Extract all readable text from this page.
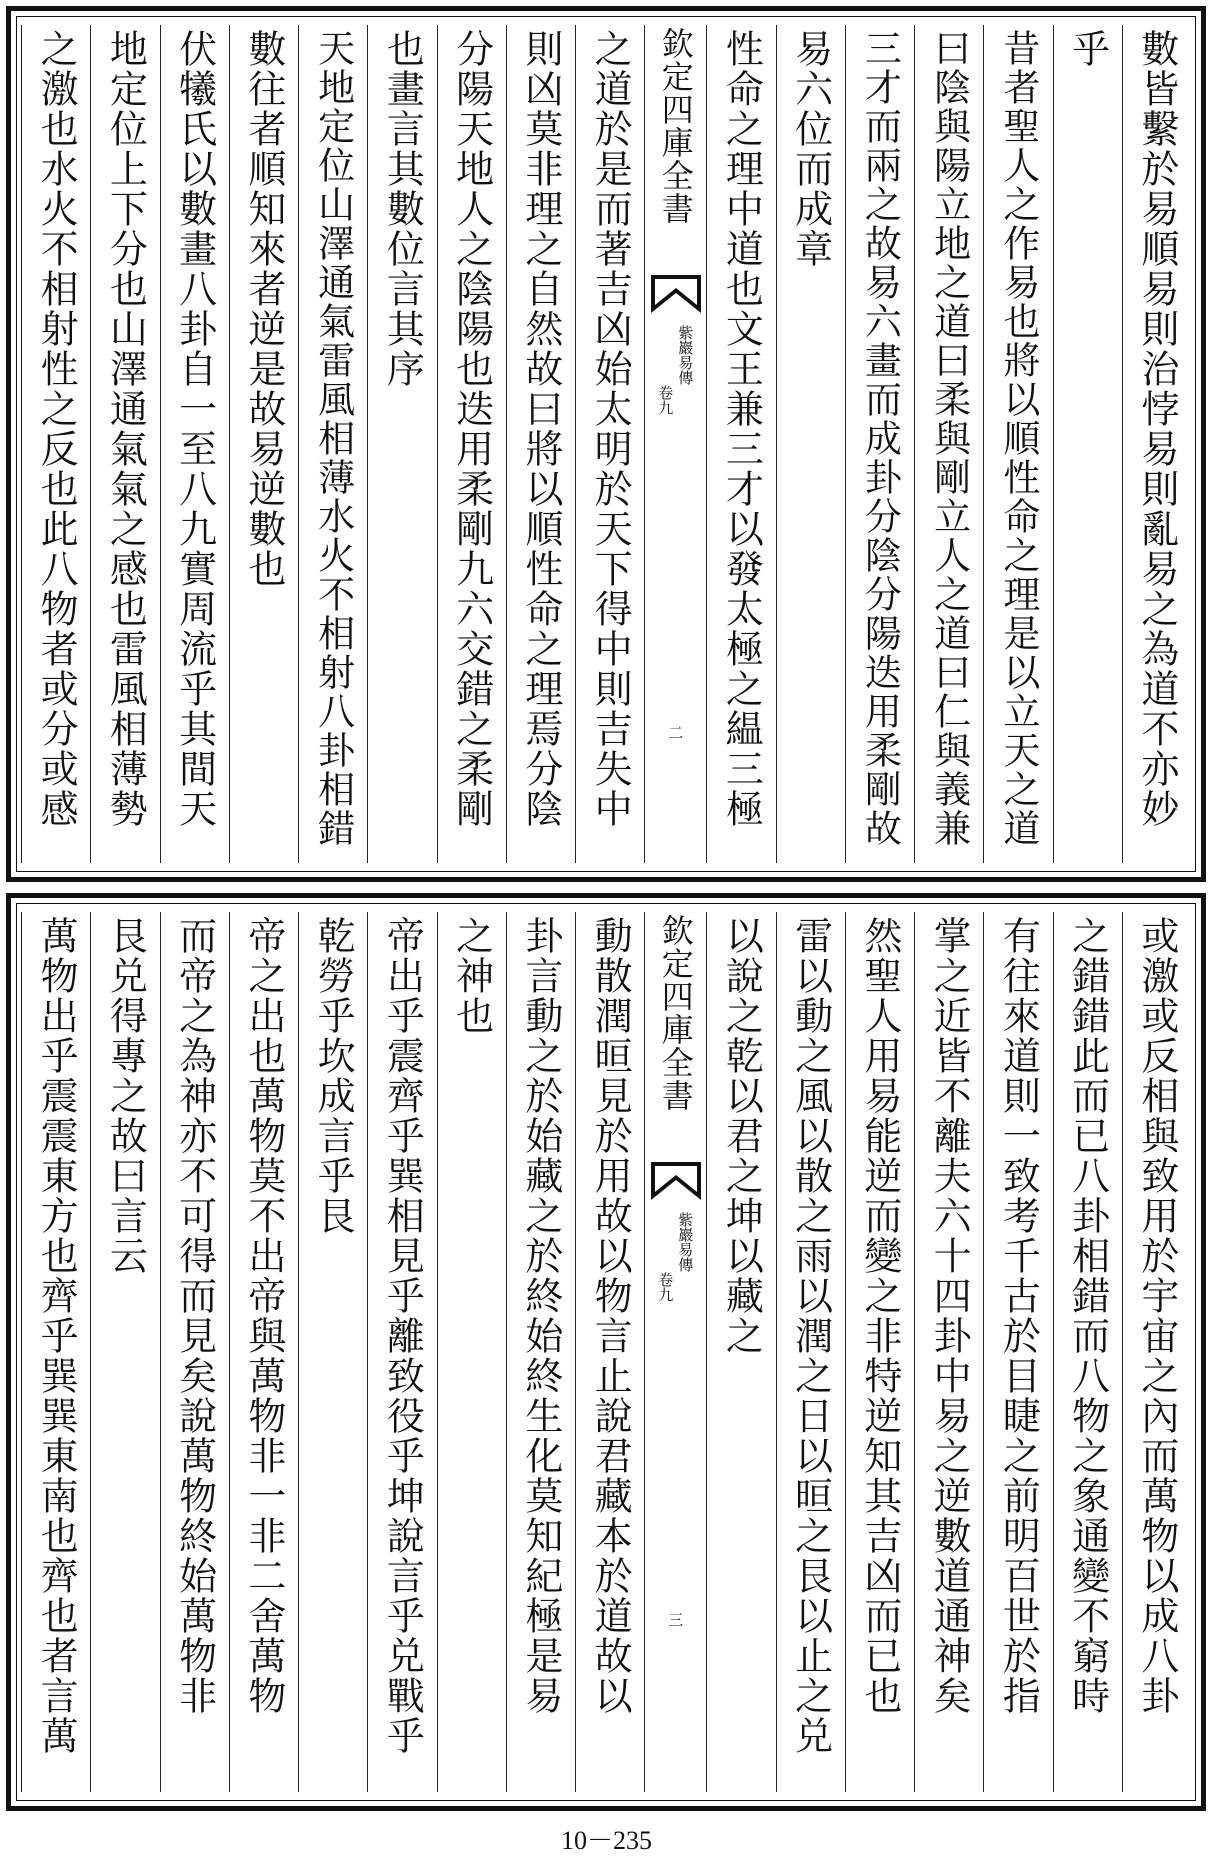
數皆繫於易順易則治悖易則亂易之為道不亦妙
乎
昔者聖人之作易也將以順性命之理是以立天之道
曰陰與陽立地之道曰柔與剛立人之道曰仁與義兼
三才而兩之故易六畫而成卦分陰分陽迭用柔剛故
易六位而成章
性命之理中道也文王兼三才以發太極之緼三極
欽定四庫全書
紫巖易傳
卷九
二
之道於是而著吉凶始太明於天下得中則吉失中
則凶莫非理之自然故曰將以順性命之理焉分陰
分陽天地人之陰陽也迭用柔剛九六交錯之柔剛
也畫言其數位言其序
天地定位山澤通氣雷風相薄水火不相射八卦相錯
數往者順知來者逆是故易逆數也
伏犧氏以數畫八卦自一至八九實周流乎其間天
地定位上下分也山澤通氣氣之感也雷風相薄勢
之激也水火不相射性之反也此八物者或分或感
或激或反相與致用於宇宙之內而萬物以成八卦
之錯錯此而已八卦相錯而八物之象通變不窮時
有往來道則一致考千古於目睫之前明百世於指
掌之近皆不離夫六十四卦中易之逆數道通神矣
然聖人用易能逆而變之非特逆知其吉凶而已也
雷以動之風以散之雨以潤之日以晅之艮以止之兑
以說之乾以君之坤以藏之
欽定四庫全書
紫巖易傳
卷九
三
動散潤晅見於用故以物言止說君藏本於道故以
卦言動之於始藏之於終始終生化莫知紀極是易
之神也
帝出乎震齊乎巽相見乎離致役乎坤說言乎兑戰乎
乾勞乎坎成言乎艮
帝之出也萬物莫不出帝與萬物非一非二舍萬物
而帝之為神亦不可得而見矣說萬物終始萬物非
艮兑得專之故曰言云
萬物出乎震震東方也齊乎巽巽東南也齊也者言萬
10－235
